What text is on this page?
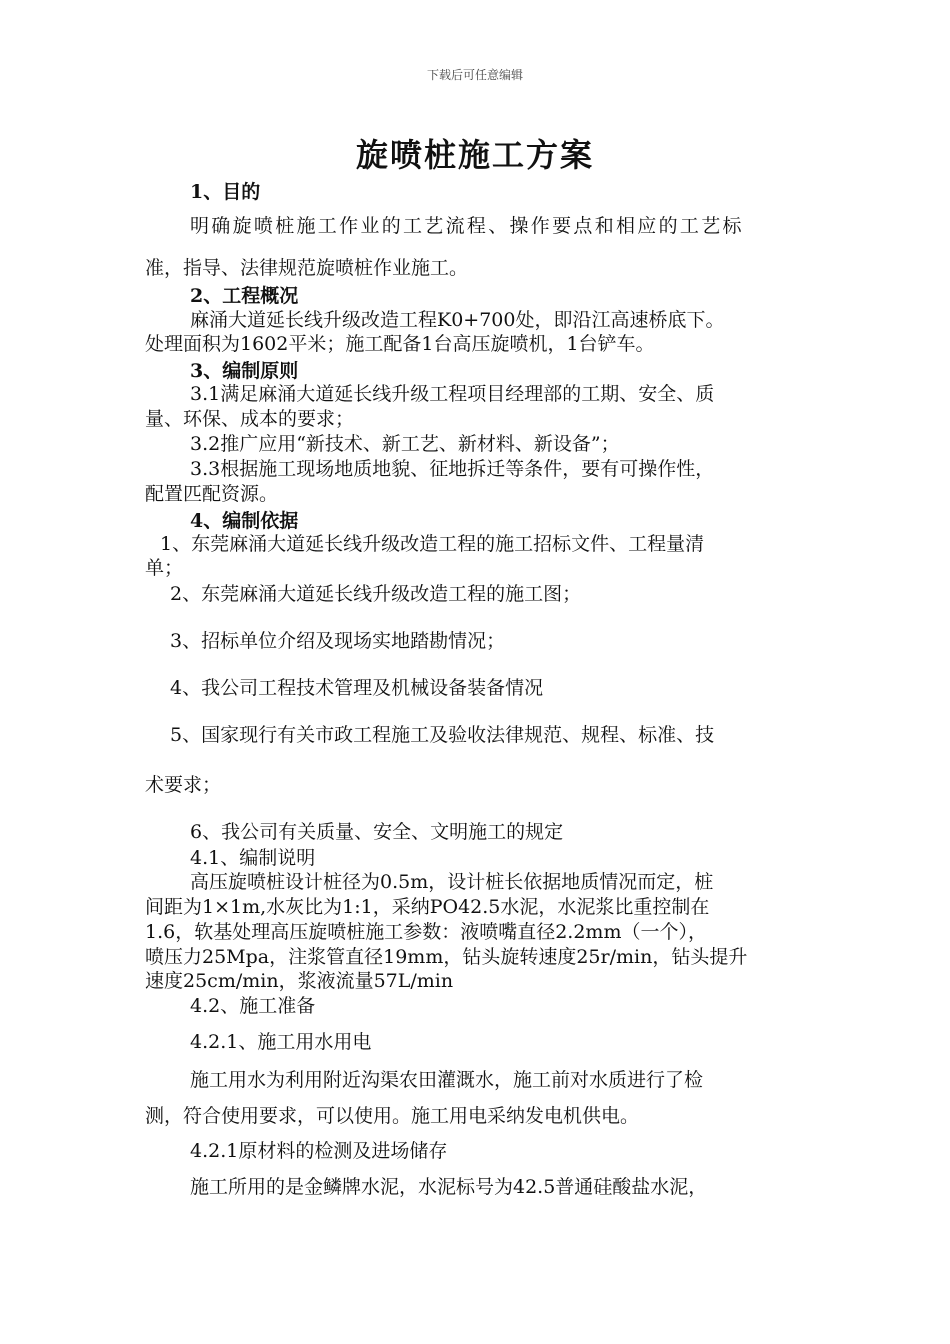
下载后可任意编辑
旋喷桩施工方案
1、目的
明确旋喷桩施工作业的工艺流程、操作要点和相应的工艺标
准，指导、法律规范旋喷桩作业施工。
2、工程概况
麻涌大道延长线升级改造工程K0+700处，即沿江高速桥底下。
处理面积为1602平米；施工配备1台高压旋喷机，1台铲车。
3、编制原则
3.1满足麻涌大道延长线升级工程项目经理部的工期、安全、质
量、环保、成本的要求；
3.2推广应用“新技术、新工艺、新材料、新设备”；
3.3根据施工现场地质地貌、征地拆迁等条件，要有可操作性，
配置匹配资源。
4、编制依据
1、东莞麻涌大道延长线升级改造工程的施工招标文件、工程量清
单；
2、东莞麻涌大道延长线升级改造工程的施工图；
3、招标单位介绍及现场实地踏勘情况；
4、我公司工程技术管理及机械设备装备情况
5、国家现行有关市政工程施工及验收法律规范、规程、标准、技
术要求；
6、我公司有关质量、安全、文明施工的规定
4.1、编制说明
高压旋喷桩设计桩径为0.5m，设计桩长依据地质情况而定，桩
间距为1×1m,水灰比为1:1，采纳PO42.5水泥，水泥浆比重控制在
1.6，软基处理高压旋喷桩施工参数：液喷嘴直径2.2mm（一个），
喷压力25Mpa，注浆管直径19mm，钻头旋转速度25r/min，钻头提升
速度25cm/min，浆液流量57L/min
4.2、施工准备
4.2.1、施工用水用电
施工用水为利用附近沟渠农田灌溉水，施工前对水质进行了检
测，符合使用要求，可以使用。施工用电采纳发电机供电。
4.2.1原材料的检测及进场储存
施工所用的是金鳞牌水泥，水泥标号为42.5普通硅酸盐水泥，
